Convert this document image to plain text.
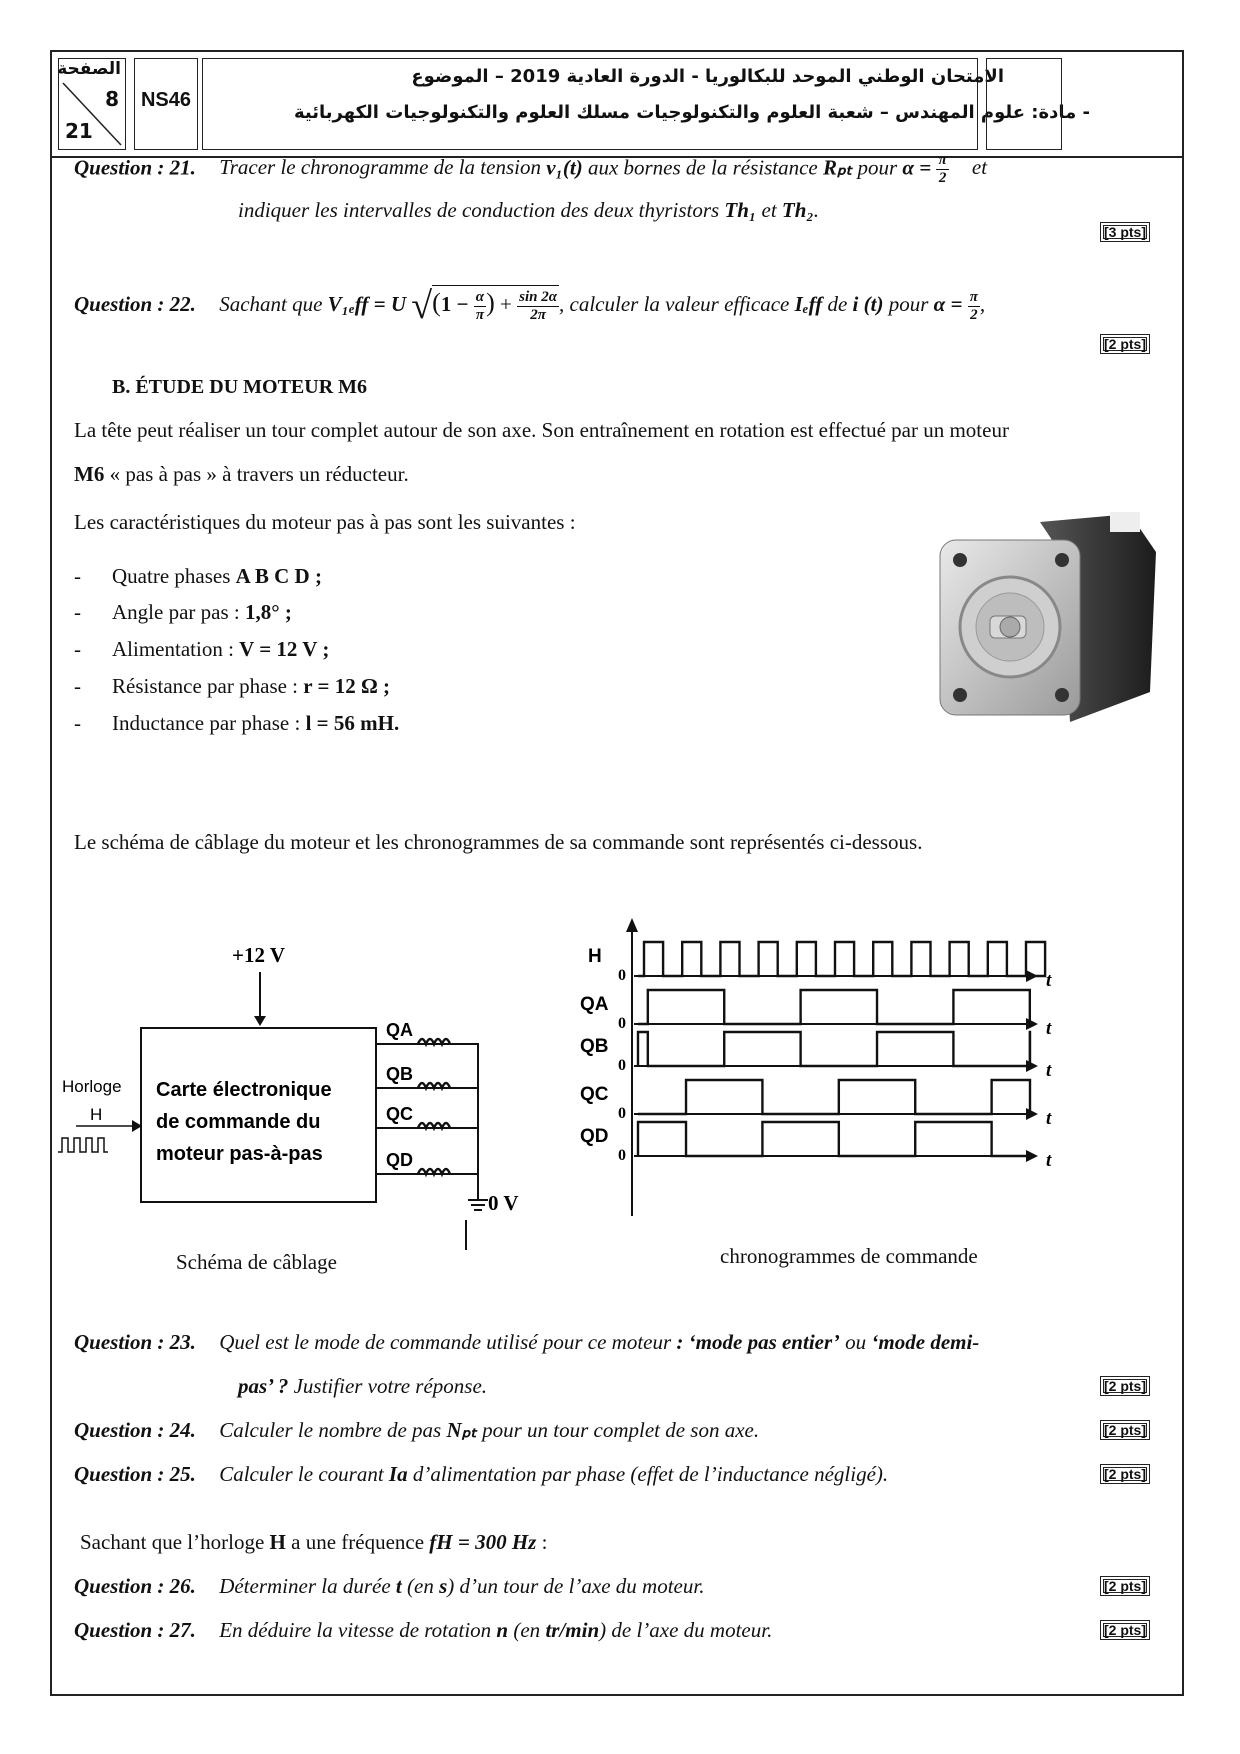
الصفحة
8
21
NS46
الامتحان الوطني الموحد للبكالوريا - الدورة العادية 2019 – الموضوع
- مادة: علوم المهندس – شعبة العلوم والتكنولوجيات مسلك العلوم والتكنولوجيات الكهربائية
Question : 21. Tracer le chronogramme de la tension v₁(t) aux bornes de la résistance Rₚₜ pour $\alpha = \frac{\pi}{2}$ et
indiquer les intervalles de conduction des deux thyristors Th₁ et Th₂.
[3 pts]
Question : 22. Sachant que V₁ₑff = U $√(1 - \frac{\alpha}{\pi}$ ) + $\frac{\sin 2\alpha}{2\pi}$ , calculer la valeur efficace Iₑff de i (t) pour $\alpha = \frac{\pi}{2}$ ,
[2 pts]
B. ÉTUDE DU MOTEUR M6
La tête peut réaliser un tour complet autour de son axe. Son entraînement en rotation est effectué par un moteur
M6 « pas à pas » à travers un réducteur.
Les caractéristiques du moteur pas à pas sont les suivantes :
- Quatre phases A B C D ;
- Angle par pas : 1,8° ;
- Alimentation : V = 12 V ;
- Résistance par phase : r = 12 Ω ;
- Inductance par phase : l = 56 mH.
Le schéma de câblage du moteur et les chronogrammes de sa commande sont représentés ci-dessous.
+12 V
Carte électronique
de commande du
moteur pas-à-pas
Horloge
H
QA
QB
QC
QD
0 V
Schéma de câblage
H
0	t
QA
0	t
QB
0	t
QC
0	t
QD
0	t
chronogrammes de commande
Question : 23. Quel est le mode de commande utilisé pour ce moteur : ‘mode pas entier’ ou ‘mode demi-
pas’ ? Justifier votre réponse.	[2 pts]
Question : 24. Calculer le nombre de pas Nₚₜ pour un tour complet de son axe.	[2 pts]
Question : 25. Calculer le courant Ia d’alimentation par phase (effet de l’inductance négligé).	[2 pts]
Sachant que l’horloge H a une fréquence fH = 300 Hz :
Question : 26. Déterminer la durée t (en s) d’un tour de l’axe du moteur.	[2 pts]
Question : 27. En déduire la vitesse de rotation n (en tr/min) de l’axe du moteur.	[2 pts]
